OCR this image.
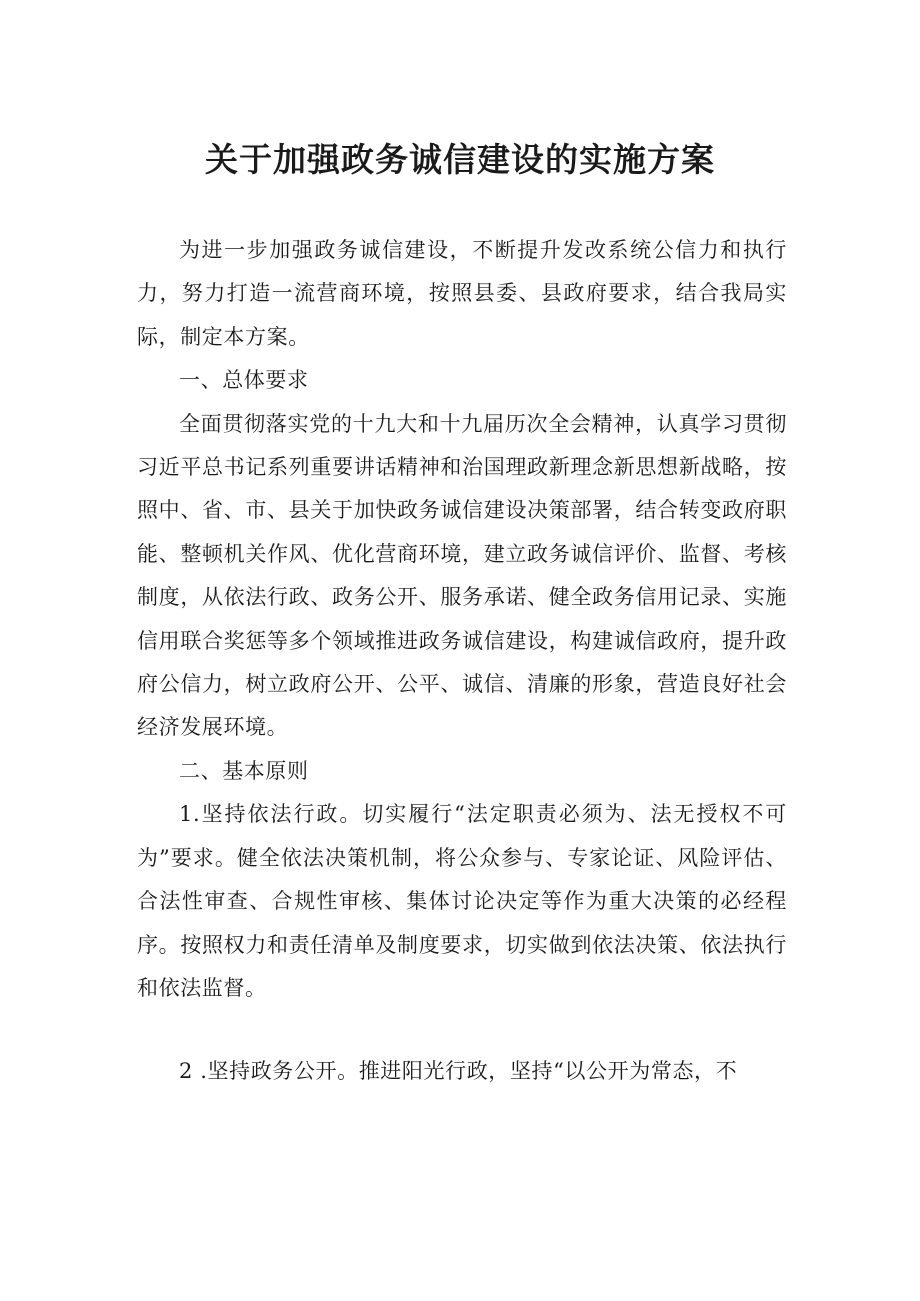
关于加强政务诚信建设的实施方案

为进一步加强政务诚信建设，不断提升发改系统公信力和执行力，努力打造一流营商环境，按照县委、县政府要求，结合我局实际，制定本方案。

一、总体要求

全面贯彻落实党的十九大和十九届历次全会精神，认真学习贯彻习近平总书记系列重要讲话精神和治国理政新理念新思想新战略，按照中、省、市、县关于加快政务诚信建设决策部署，结合转变政府职能、整顿机关作风、优化营商环境，建立政务诚信评价、监督、考核制度，从依法行政、政务公开、服务承诺、健全政务信用记录、实施信用联合奖惩等多个领域推进政务诚信建设，构建诚信政府，提升政府公信力，树立政府公开、公平、诚信、清廉的形象，营造良好社会经济发展环境。

二、基本原则

1.坚持依法行政。切实履行“法定职责必须为、法无授权不可为”要求。健全依法决策机制，将公众参与、专家论证、风险评估、合法性审查、合规性审核、集体讨论决定等作为重大决策的必经程序。按照权力和责任清单及制度要求，切实做到依法决策、依法执行和依法监督。

2 .坚持政务公开。推进阳光行政，坚持“以公开为常态，不
